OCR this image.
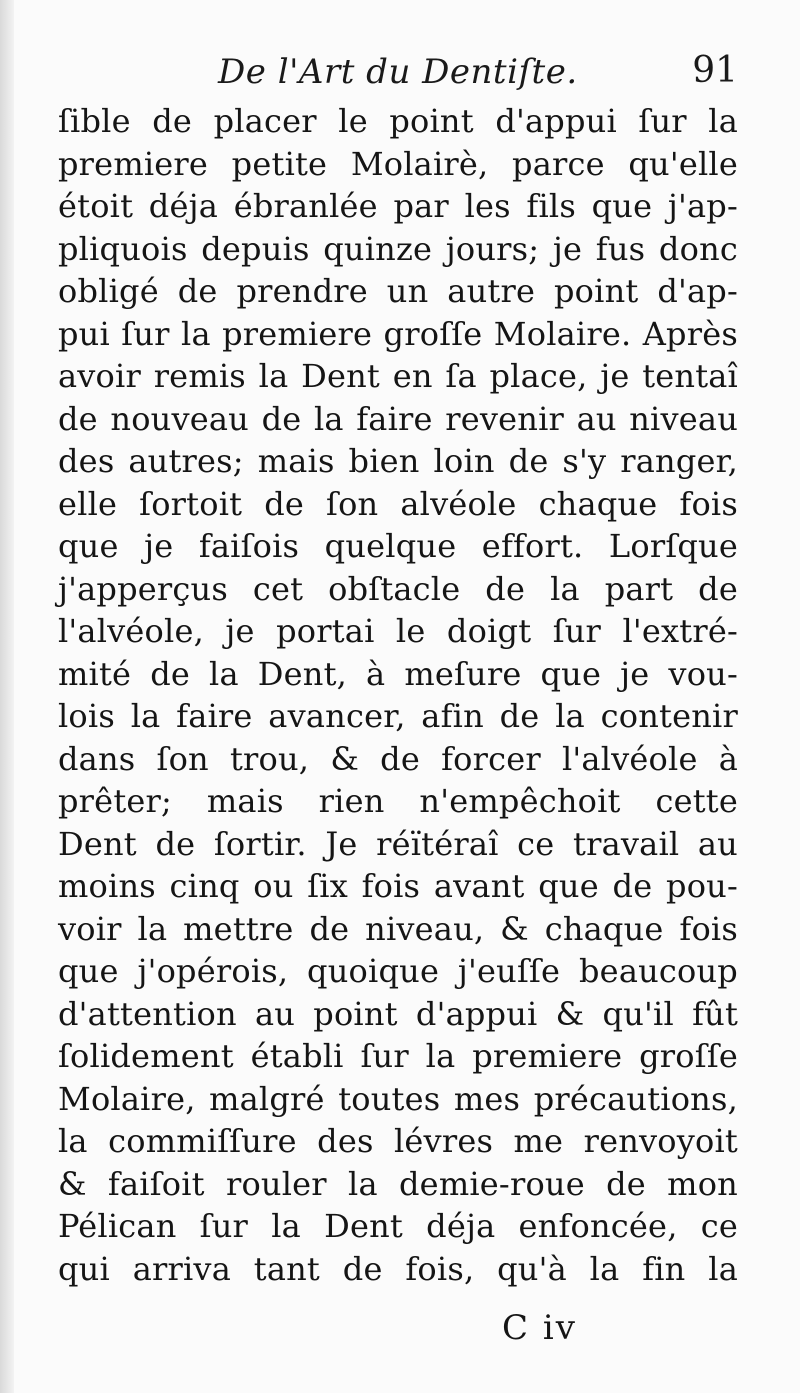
De l'Art du Dentiſte.	91
ſible de placer le point d'appui ſur la
premiere petite Molairè, parce qu'elle
étoit déja ébranlée par les fils que j'ap-
pliquois depuis quinze jours; je fus donc
obligé de prendre un autre point d'ap-
pui ſur la premiere groſſe Molaire. Après
avoir remis la Dent en ſa place, je tentaî
de nouveau de la faire revenir au niveau
des autres; mais bien loin de s'y ranger,
elle ſortoit de ſon alvéole chaque fois
que je faiſois quelque effort. Lorſque
j'apperçus cet obſtacle de la part de
l'alvéole, je portai le doigt ſur l'extré-
mité de la Dent, à meſure que je vou-
lois la faire avancer, afin de la contenir
dans ſon trou, & de forcer l'alvéole à
prêter; mais rien n'empêchoit cette
Dent de ſortir. Je réïtéraî ce travail au
moins cinq ou ſix fois avant que de pou-
voir la mettre de niveau, & chaque fois
que j'opérois, quoique j'euſſe beaucoup
d'attention au point d'appui & qu'il fût
ſolidement établi ſur la premiere groſſe
Molaire, malgré toutes mes précautions,
la commiſſure des lévres me renvoyoit
& faiſoit rouler la demie-roue de mon
Pélican ſur la Dent déja enfoncée, ce
qui arriva tant de fois, qu'à la fin la
C iv
